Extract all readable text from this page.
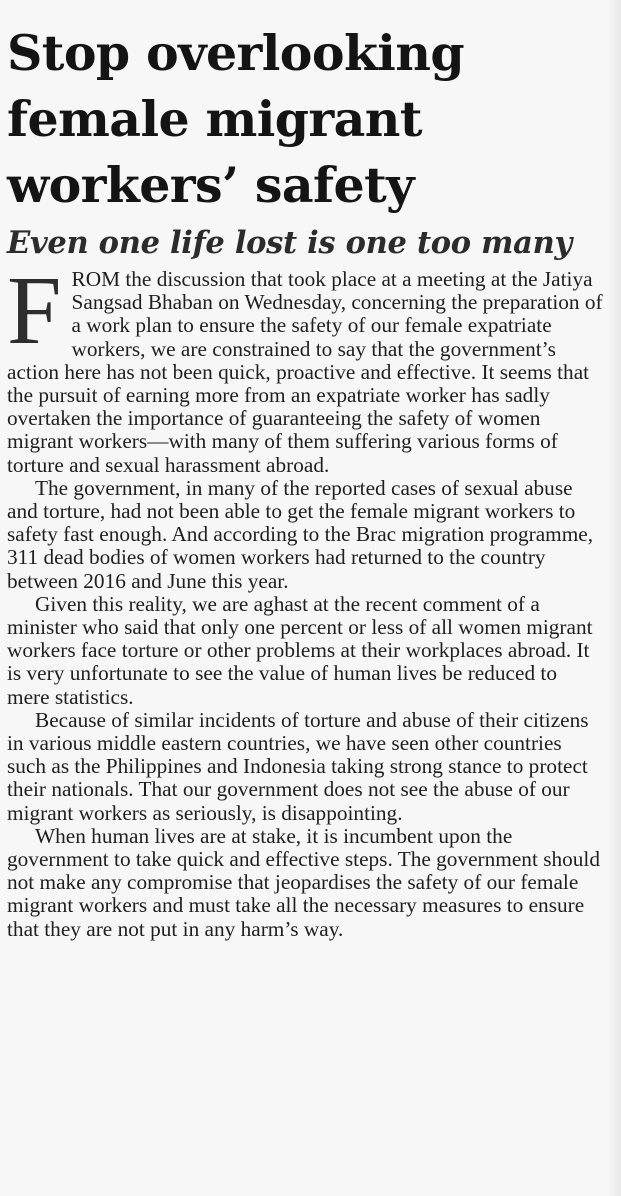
Stop overlooking female migrant workers’ safety
Even one life lost is one too many

FROM the discussion that took place at a meeting at the Jatiya Sangsad Bhaban on Wednesday, concerning the preparation of a work plan to ensure the safety of our female expatriate workers, we are constrained to say that the government’s action here has not been quick, proactive and effective. It seems that the pursuit of earning more from an expatriate worker has sadly overtaken the importance of guaranteeing the safety of women migrant workers—with many of them suffering various forms of torture and sexual harassment abroad.

The government, in many of the reported cases of sexual abuse and torture, had not been able to get the female migrant workers to safety fast enough. And according to the Brac migration programme, 311 dead bodies of women workers had returned to the country between 2016 and June this year.

Given this reality, we are aghast at the recent comment of a minister who said that only one percent or less of all women migrant workers face torture or other problems at their workplaces abroad. It is very unfortunate to see the value of human lives be reduced to mere statistics.

Because of similar incidents of torture and abuse of their citizens in various middle eastern countries, we have seen other countries such as the Philippines and Indonesia taking strong stance to protect their nationals. That our government does not see the abuse of our migrant workers as seriously, is disappointing.

When human lives are at stake, it is incumbent upon the government to take quick and effective steps. The government should not make any compromise that jeopardises the safety of our female migrant workers and must take all the necessary measures to ensure that they are not put in any harm’s way.
